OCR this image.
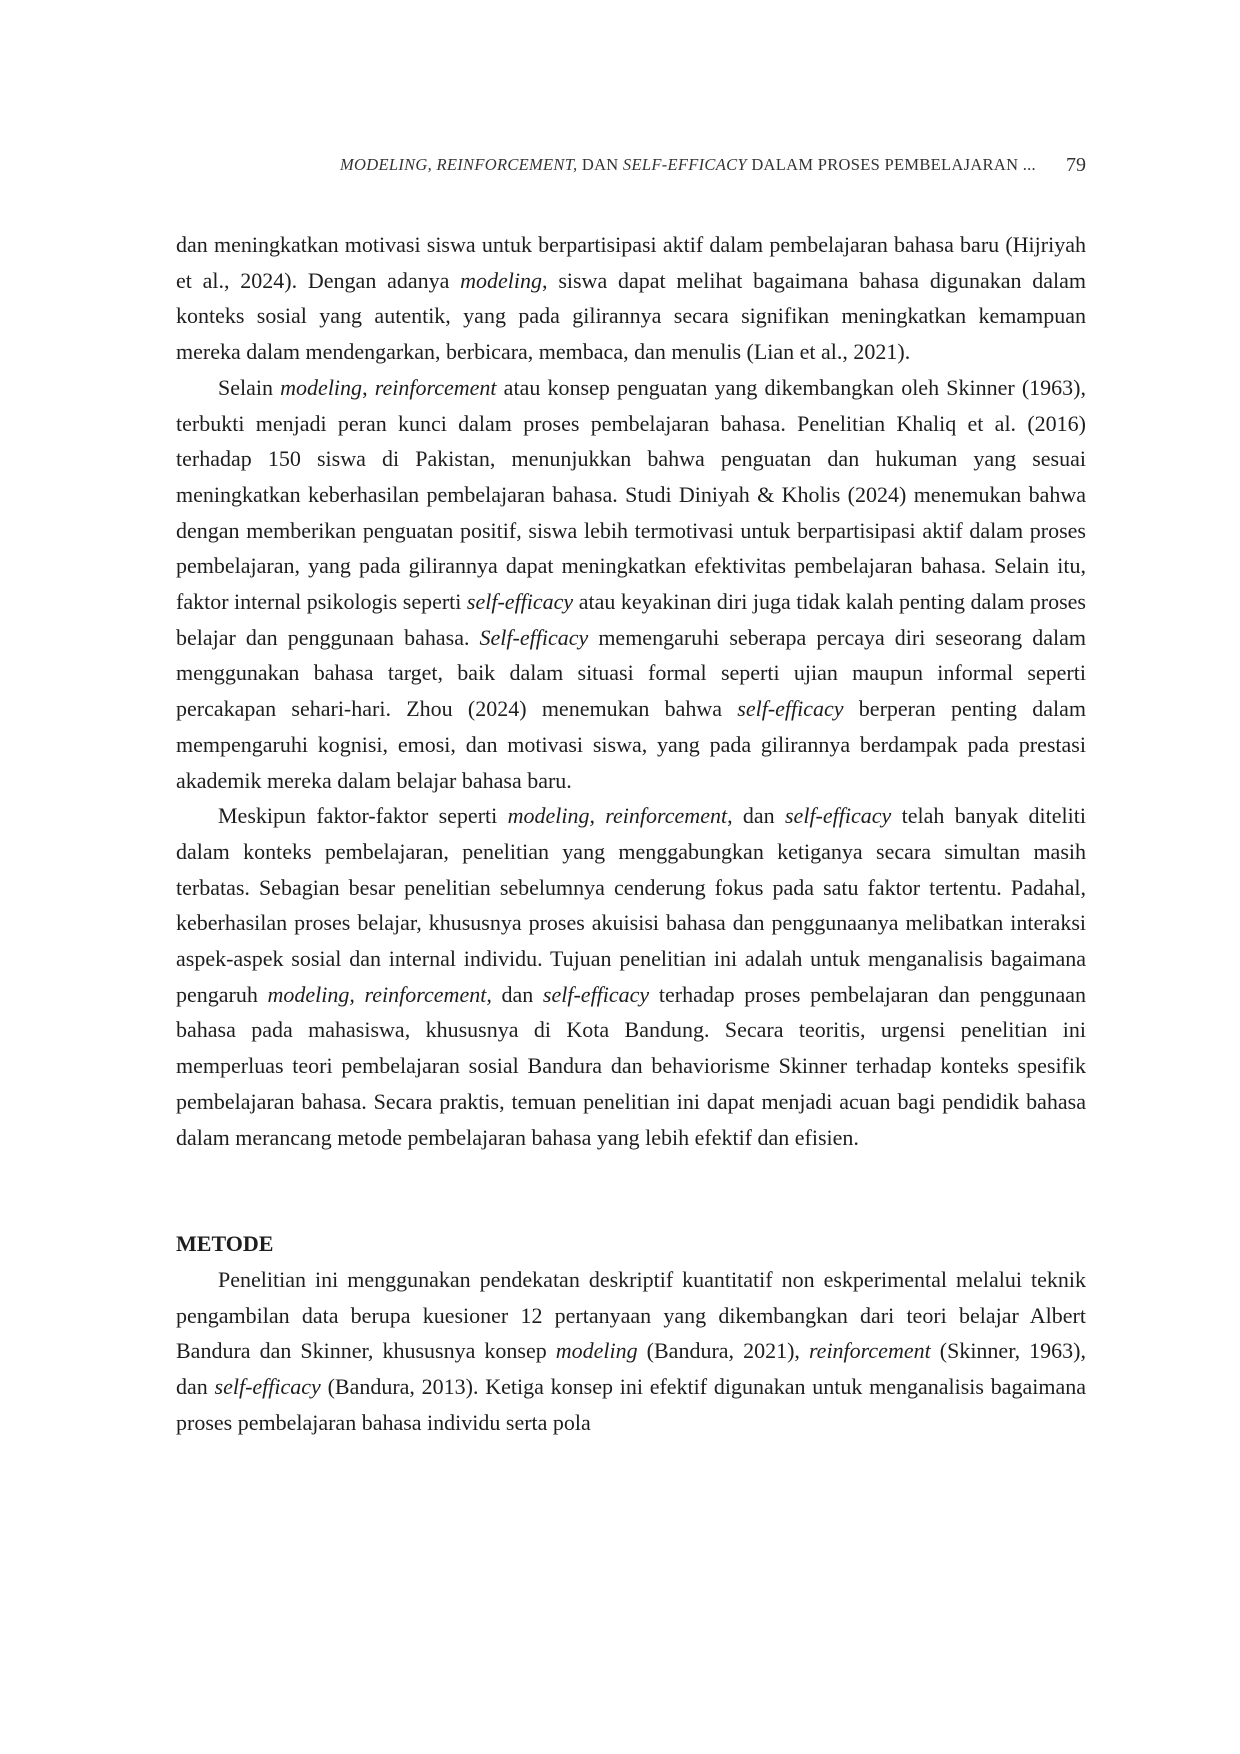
MODELING, REINFORCEMENT, DAN SELF-EFFICACY DALAM PROSES PEMBELAJARAN ... 79

dan meningkatkan motivasi siswa untuk berpartisipasi aktif dalam pembelajaran bahasa baru (Hijriyah et al., 2024). Dengan adanya modeling, siswa dapat melihat bagaimana bahasa digunakan dalam konteks sosial yang autentik, yang pada gilirannya secara signifikan meningkatkan kemampuan mereka dalam mendengarkan, berbicara, membaca, dan menulis (Lian et al., 2021).

Selain modeling, reinforcement atau konsep penguatan yang dikembangkan oleh Skinner (1963), terbukti menjadi peran kunci dalam proses pembelajaran bahasa. Penelitian Khaliq et al. (2016) terhadap 150 siswa di Pakistan, menunjukkan bahwa penguatan dan hukuman yang sesuai meningkatkan keberhasilan pembelajaran bahasa. Studi Diniyah & Kholis (2024) menemukan bahwa dengan memberikan penguatan positif, siswa lebih termotivasi untuk berpartisipasi aktif dalam proses pembelajaran, yang pada gilirannya dapat meningkatkan efektivitas pembelajaran bahasa. Selain itu, faktor internal psikologis seperti self-efficacy atau keyakinan diri juga tidak kalah penting dalam proses belajar dan penggunaan bahasa. Self-efficacy memengaruhi seberapa percaya diri seseorang dalam menggunakan bahasa target, baik dalam situasi formal seperti ujian maupun informal seperti percakapan sehari-hari. Zhou (2024) menemukan bahwa self-efficacy berperan penting dalam mempengaruhi kognisi, emosi, dan motivasi siswa, yang pada gilirannya berdampak pada prestasi akademik mereka dalam belajar bahasa baru.

Meskipun faktor-faktor seperti modeling, reinforcement, dan self-efficacy telah banyak diteliti dalam konteks pembelajaran, penelitian yang menggabungkan ketiganya secara simultan masih terbatas. Sebagian besar penelitian sebelumnya cenderung fokus pada satu faktor tertentu. Padahal, keberhasilan proses belajar, khususnya proses akuisisi bahasa dan penggunaanya melibatkan interaksi aspek-aspek sosial dan internal individu. Tujuan penelitian ini adalah untuk menganalisis bagaimana pengaruh modeling, reinforcement, dan self-efficacy terhadap proses pembelajaran dan penggunaan bahasa pada mahasiswa, khususnya di Kota Bandung. Secara teoritis, urgensi penelitian ini memperluas teori pembelajaran sosial Bandura dan behaviorisme Skinner terhadap konteks spesifik pembelajaran bahasa. Secara praktis, temuan penelitian ini dapat menjadi acuan bagi pendidik bahasa dalam merancang metode pembelajaran bahasa yang lebih efektif dan efisien.

METODE

Penelitian ini menggunakan pendekatan deskriptif kuantitatif non eskperimental melalui teknik pengambilan data berupa kuesioner 12 pertanyaan yang dikembangkan dari teori belajar Albert Bandura dan Skinner, khususnya konsep modeling (Bandura, 2021), reinforcement (Skinner, 1963), dan self-efficacy (Bandura, 2013). Ketiga konsep ini efektif digunakan untuk menganalisis bagaimana proses pembelajaran bahasa individu serta pola
